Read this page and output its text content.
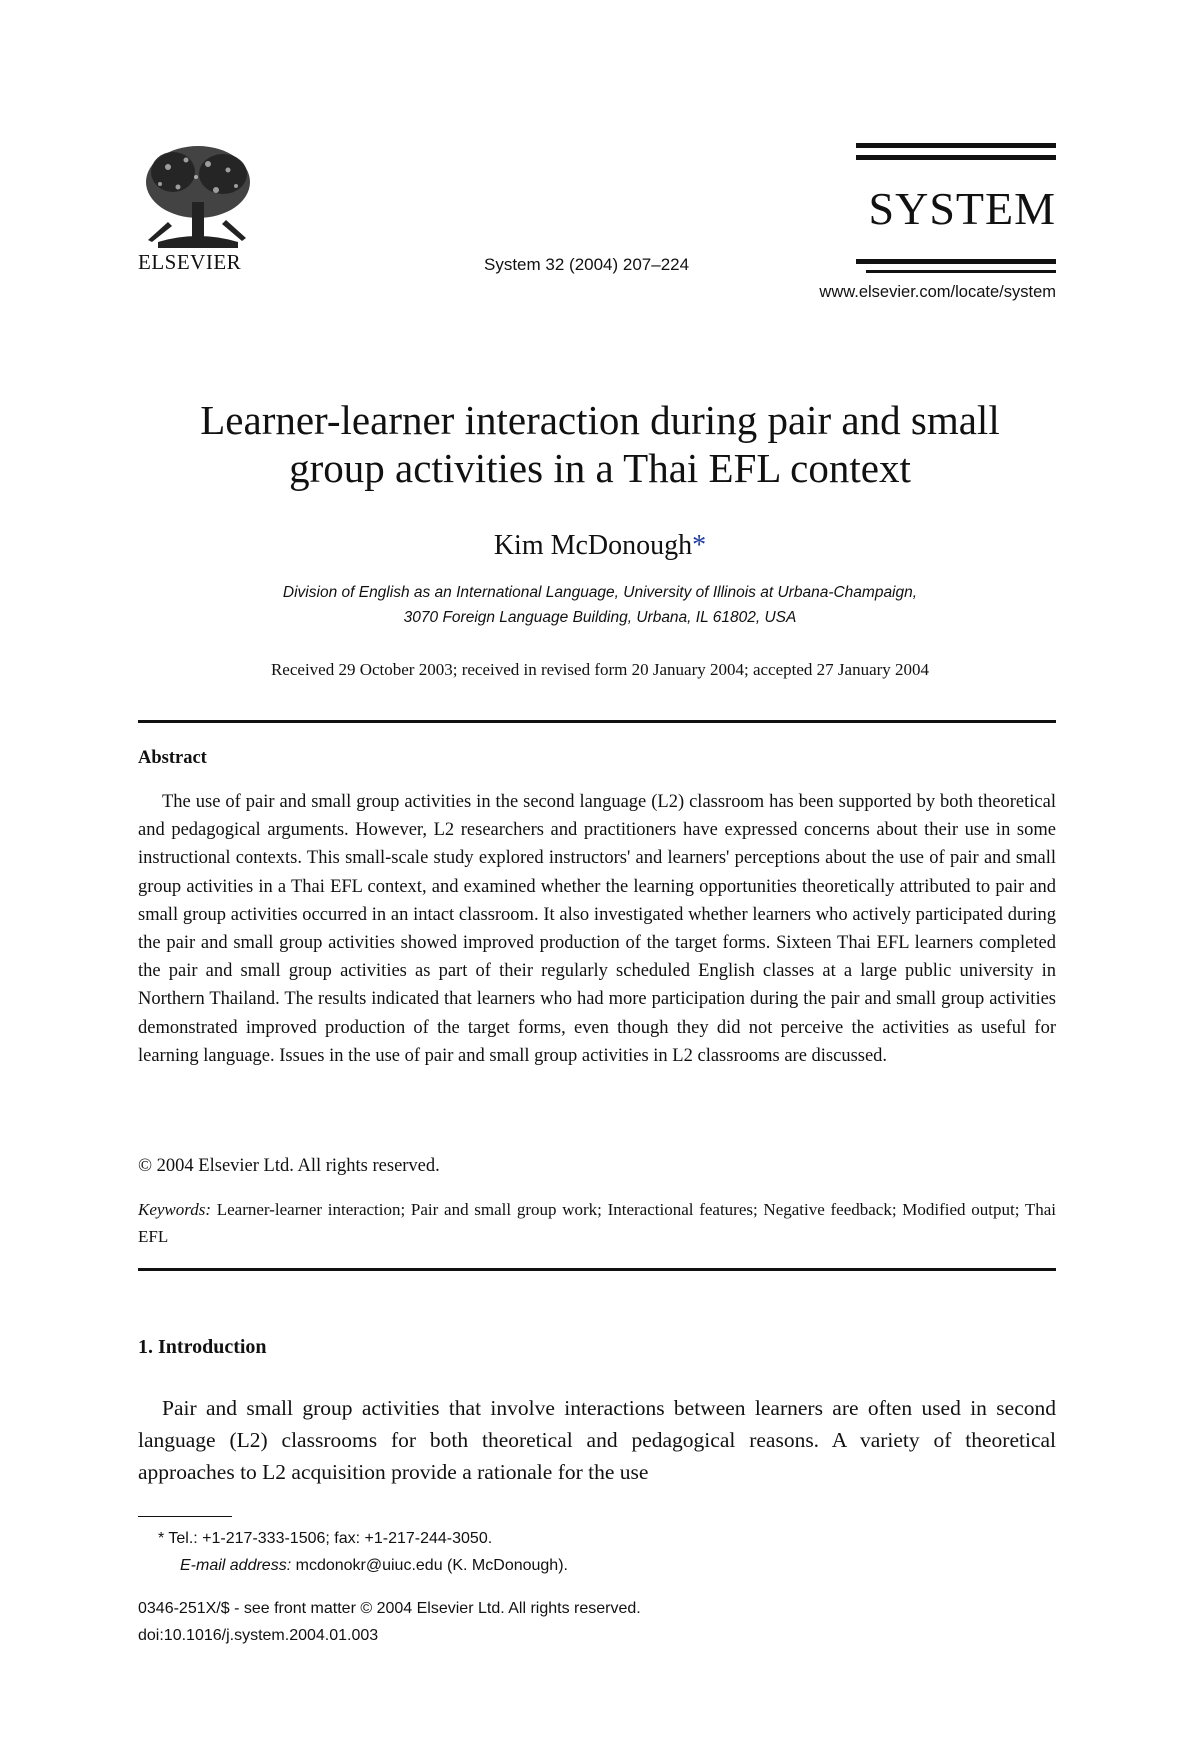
ELSEVIER	System 32 (2004) 207–224
SYSTEM
www.elsevier.com/locate/system
Learner-learner interaction during pair and small
group activities in a Thai EFL context
Kim McDonough*
Division of English as an International Language, University of Illinois at Urbana-Champaign,
3070 Foreign Language Building, Urbana, IL 61802, USA
Received 29 October 2003; received in revised form 20 January 2004; accepted 27 January 2004
Abstract
The use of pair and small group activities in the second language (L2) classroom has been supported by both theoretical and pedagogical arguments. However, L2 researchers and practitioners have expressed concerns about their use in some instructional contexts. This small-scale study explored instructors' and learners' perceptions about the use of pair and small group activities in a Thai EFL context, and examined whether the learning opportunities theoretically attributed to pair and small group activities occurred in an intact classroom. It also investigated whether learners who actively participated during the pair and small group activities showed improved production of the target forms. Sixteen Thai EFL learners completed the pair and small group activities as part of their regularly scheduled English classes at a large public university in Northern Thailand. The results indicated that learners who had more participation during the pair and small group activities demonstrated improved production of the target forms, even though they did not perceive the activities as useful for learning language. Issues in the use of pair and small group activities in L2 classrooms are discussed.
© 2004 Elsevier Ltd. All rights reserved.
Keywords: Learner-learner interaction; Pair and small group work; Interactional features; Negative feedback; Modified output; Thai EFL
1. Introduction
Pair and small group activities that involve interactions between learners are often used in second language (L2) classrooms for both theoretical and pedagogical reasons. A variety of theoretical approaches to L2 acquisition provide a rationale for the use
* Tel.: +1-217-333-1506; fax: +1-217-244-3050.
E-mail address: mcdonokr@uiuc.edu (K. McDonough).
0346-251X/$ - see front matter © 2004 Elsevier Ltd. All rights reserved.
doi:10.1016/j.system.2004.01.003
